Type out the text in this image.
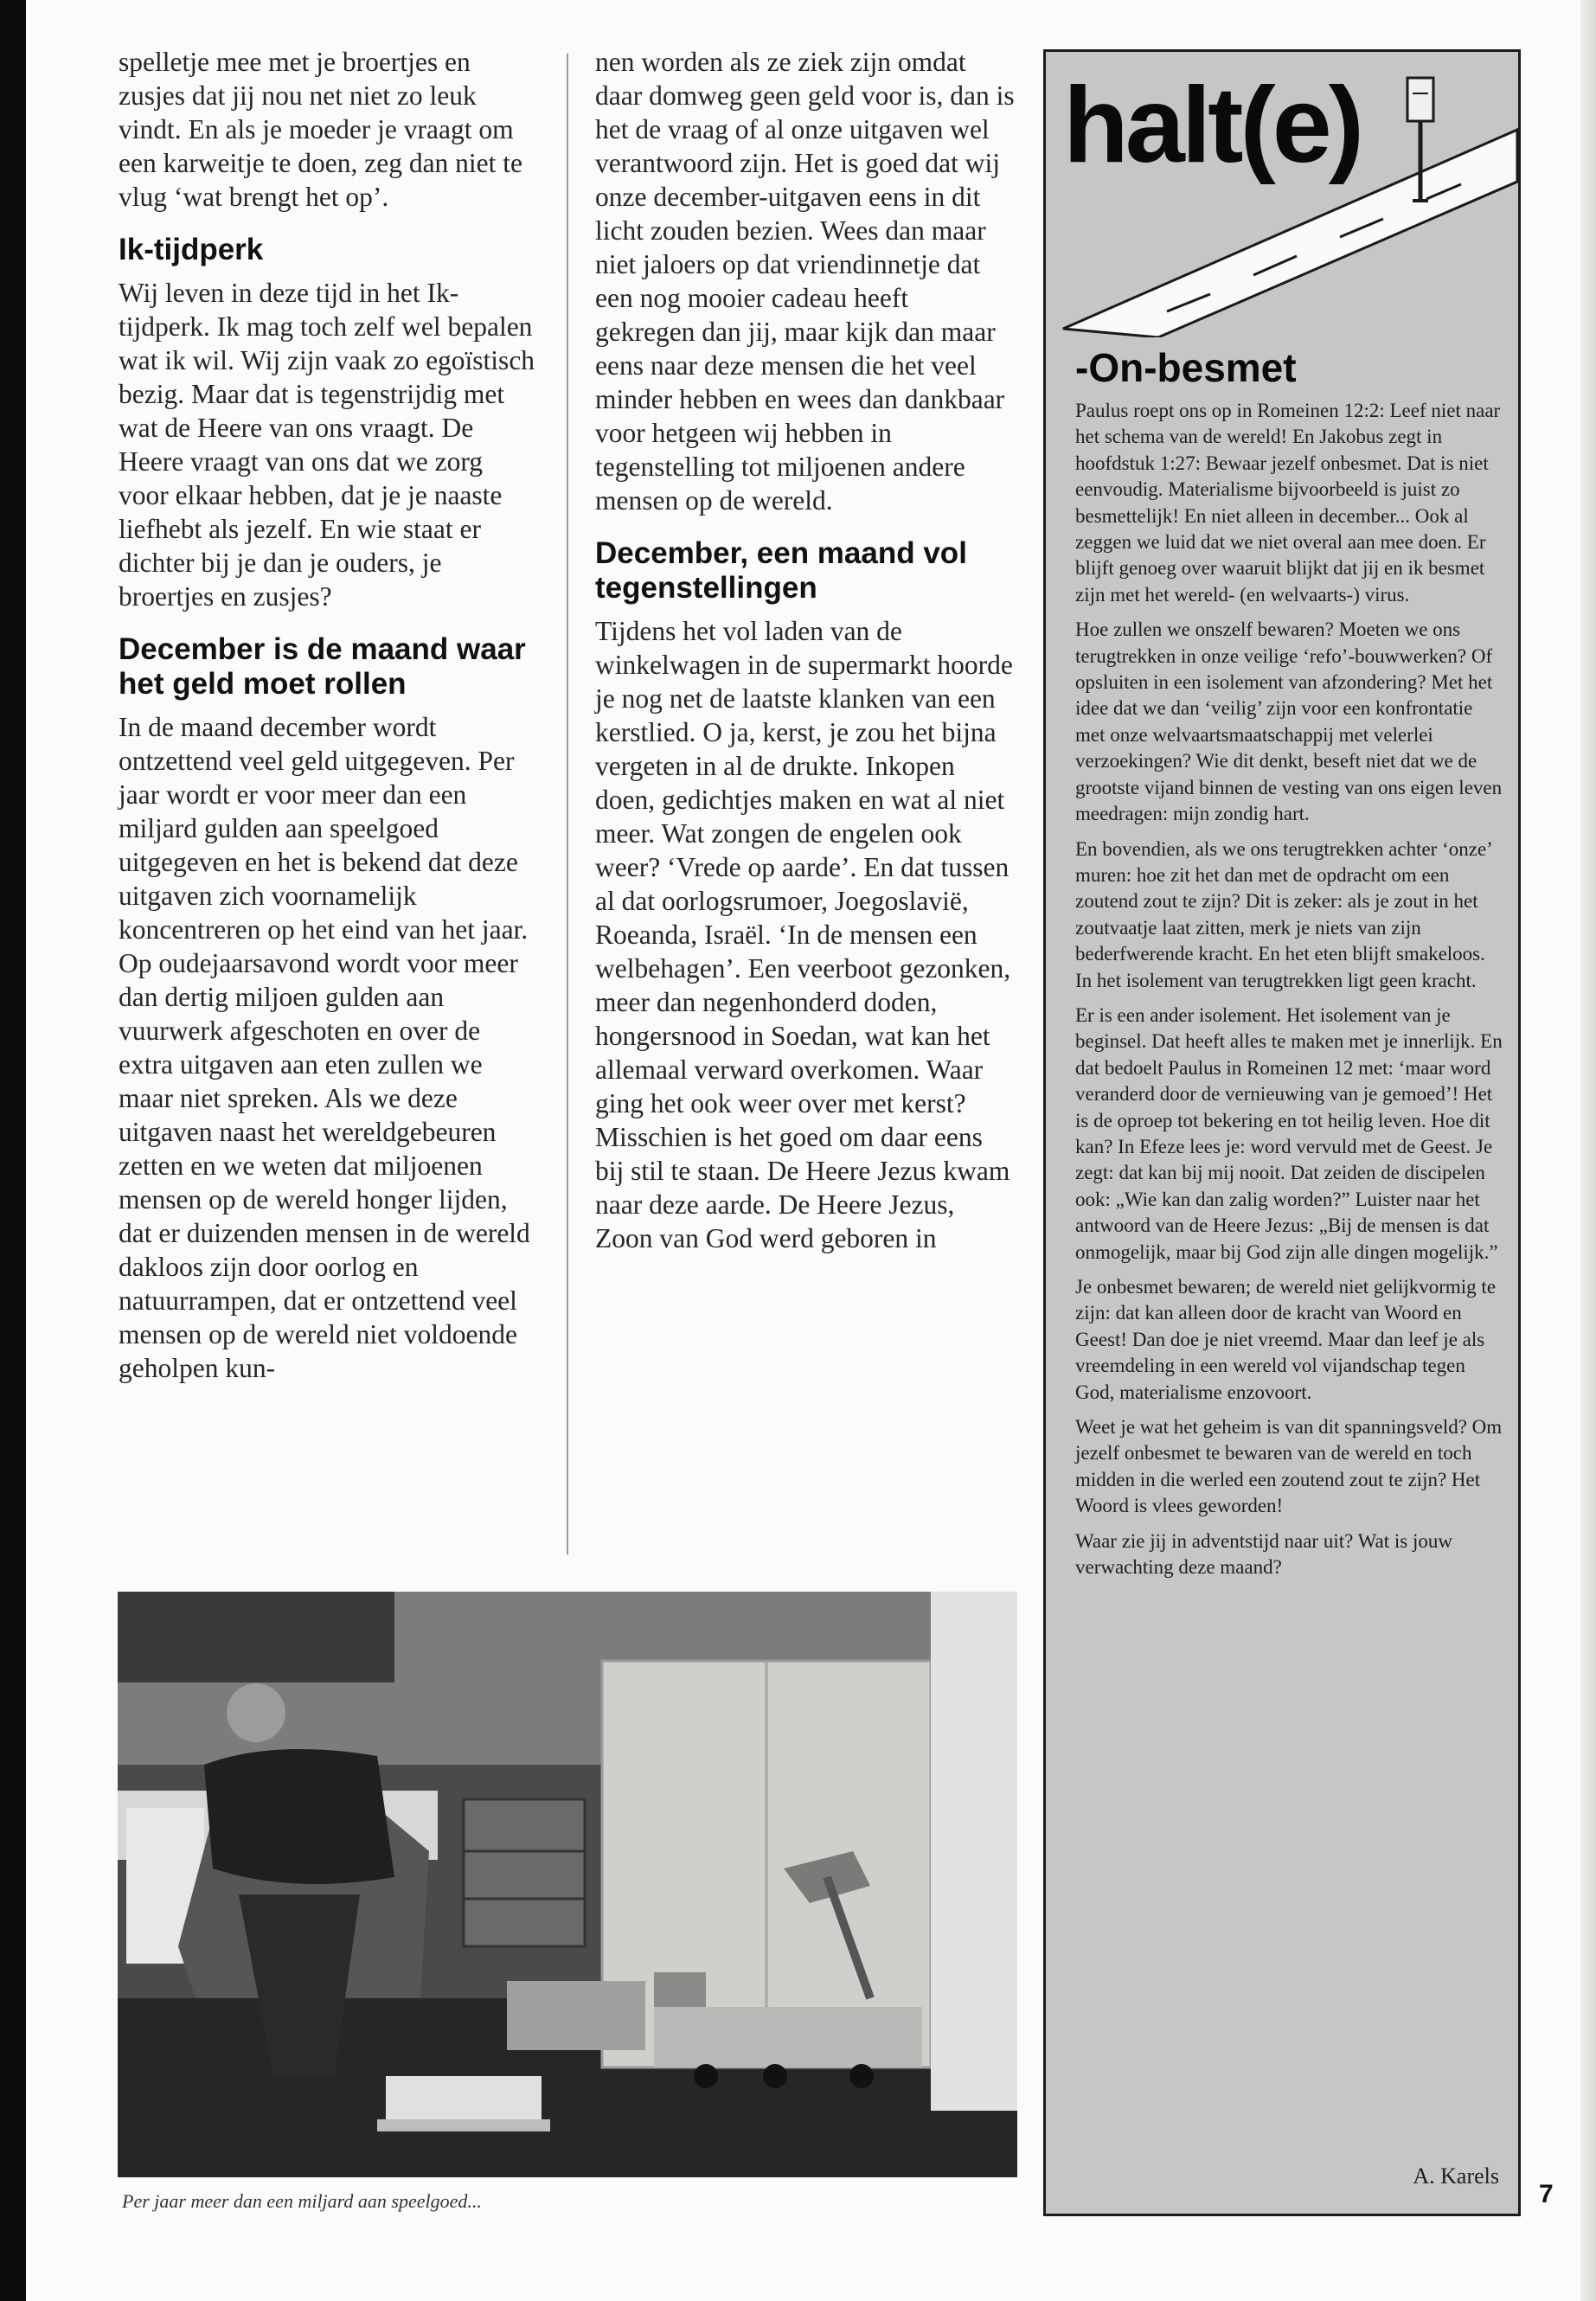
spelletje mee met je broertjes en zusjes dat jij nou net niet zo leuk vindt. En als je moeder je vraagt om een karweitje te doen, zeg dan niet te vlug ‘wat brengt het op’.

Ik-tijdperk

Wij leven in deze tijd in het Ik-tijdperk. Ik mag toch zelf wel bepalen wat ik wil. Wij zijn vaak zo egoïstisch bezig. Maar dat is tegenstrijdig met wat de Heere van ons vraagt. De Heere vraagt van ons dat we zorg voor elkaar hebben, dat je je naaste liefhebt als jezelf. En wie staat er dichter bij je dan je ouders, je broertjes en zusjes?

December is de maand waar het geld moet rollen

In de maand december wordt ontzettend veel geld uitgegeven. Per jaar wordt er voor meer dan een miljard gulden aan speelgoed uitgegeven en het is bekend dat deze uitgaven zich voornamelijk koncentreren op het eind van het jaar. Op oudejaarsavond wordt voor meer dan dertig miljoen gulden aan vuurwerk afgeschoten en over de extra uitgaven aan eten zullen we maar niet spreken. Als we deze uitgaven naast het wereldgebeuren zetten en we weten dat miljoenen mensen op de wereld honger lijden, dat er duizenden mensen in de wereld dakloos zijn door oorlog en natuurrampen, dat er ontzettend veel mensen op de wereld niet voldoende geholpen kun-

nen worden als ze ziek zijn omdat daar domweg geen geld voor is, dan is het de vraag of al onze uitgaven wel verantwoord zijn. Het is goed dat wij onze december-uitgaven eens in dit licht zouden bezien. Wees dan maar niet jaloers op dat vriendinnetje dat een nog mooier cadeau heeft gekregen dan jij, maar kijk dan maar eens naar deze mensen die het veel minder hebben en wees dan dankbaar voor hetgeen wij hebben in tegenstelling tot miljoenen andere mensen op de wereld.

December, een maand vol tegenstellingen

Tijdens het vol laden van de winkelwagen in de supermarkt hoorde je nog net de laatste klanken van een kerstlied. O ja, kerst, je zou het bijna vergeten in al de drukte. Inkopen doen, gedichtjes maken en wat al niet meer. Wat zongen de engelen ook weer? ‘Vrede op aarde’. En dat tussen al dat oorlogsrumoer, Joegoslavië, Roeanda, Israël. ‘In de mensen een welbehagen’. Een veerboot gezonken, meer dan negenhonderd doden, hongersnood in Soedan, wat kan het allemaal verward overkomen. Waar ging het ook weer over met kerst? Misschien is het goed om daar eens bij stil te staan. De Heere Jezus kwam naar deze aarde. De Heere Jezus, Zoon van God werd geboren in

Per jaar meer dan een miljard aan speelgoed...
halt(e)
-On-besmet

Paulus roept ons op in Romeinen 12:2: Leef niet naar het schema van de wereld! En Jakobus zegt in hoofdstuk 1:27: Bewaar jezelf onbesmet. Dat is niet eenvoudig. Materialisme bijvoorbeeld is juist zo besmettelijk! En niet alleen in december... Ook al zeggen we luid dat we niet overal aan mee doen. Er blijft genoeg over waaruit blijkt dat jij en ik besmet zijn met het wereld- (en welvaarts-) virus.

Hoe zullen we onszelf bewaren? Moeten we ons terugtrekken in onze veilige ‘refo’-bouwwerken? Of opsluiten in een isolement van afzondering? Met het idee dat we dan ‘veilig’ zijn voor een konfrontatie met onze welvaartsmaatschappij met velerlei verzoekingen? Wie dit denkt, beseft niet dat we de grootste vijand binnen de vesting van ons eigen leven meedragen: mijn zondig hart.

En bovendien, als we ons terugtrekken achter ‘onze’ muren: hoe zit het dan met de opdracht om een zoutend zout te zijn? Dit is zeker: als je zout in het zoutvaatje laat zitten, merk je niets van zijn bederfwerende kracht. En het eten blijft smakeloos. In het isolement van terugtrekken ligt geen kracht.

Er is een ander isolement. Het isolement van je beginsel. Dat heeft alles te maken met je innerlijk. En dat bedoelt Paulus in Romeinen 12 met: ‘maar word veranderd door de vernieuwing van je gemoed’! Het is de oproep tot bekering en tot heilig leven. Hoe dit kan? In Efeze lees je: word vervuld met de Geest. Je zegt: dat kan bij mij nooit. Dat zeiden de discipelen ook: „Wie kan dan zalig worden?” Luister naar het antwoord van de Heere Jezus: „Bij de mensen is dat onmogelijk, maar bij God zijn alle dingen mogelijk.”

Je onbesmet bewaren; de wereld niet gelijkvormig te zijn: dat kan alleen door de kracht van Woord en Geest! Dan doe je niet vreemd. Maar dan leef je als vreemdeling in een wereld vol vijandschap tegen God, materialisme enzovoort.

Weet je wat het geheim is van dit spanningsveld? Om jezelf onbesmet te bewaren van de wereld en toch midden in die werled een zoutend zout te zijn? Het Woord is vlees geworden!

Waar zie jij in adventstijd naar uit? Wat is jouw verwachting deze maand?

A. Karels
7
